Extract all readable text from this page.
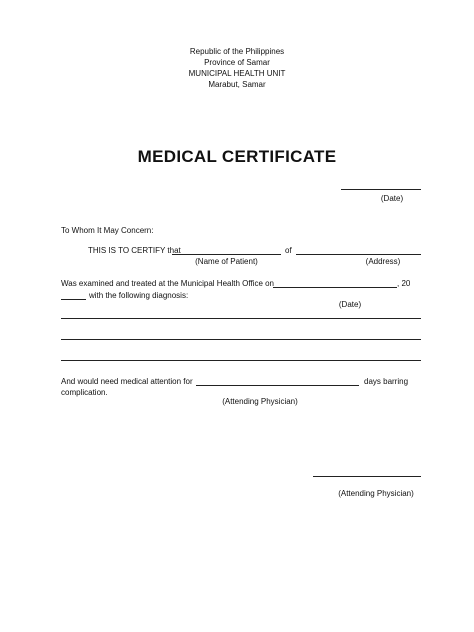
Republic of the Philippines
Province of Samar
MUNICIPAL HEALTH UNIT
Marabut, Samar
MEDICAL CERTIFICATE
(Date)
To Whom It May Concern:
THIS IS TO CERTIFY that	of
(Name of Patient)	(Address)
Was examined and treated at the Municipal Health Office on	, 20
with the following diagnosis:
(Date)
And would need medical attention for	days barring
complication.
(Attending Physician)
(Attending Physician)
